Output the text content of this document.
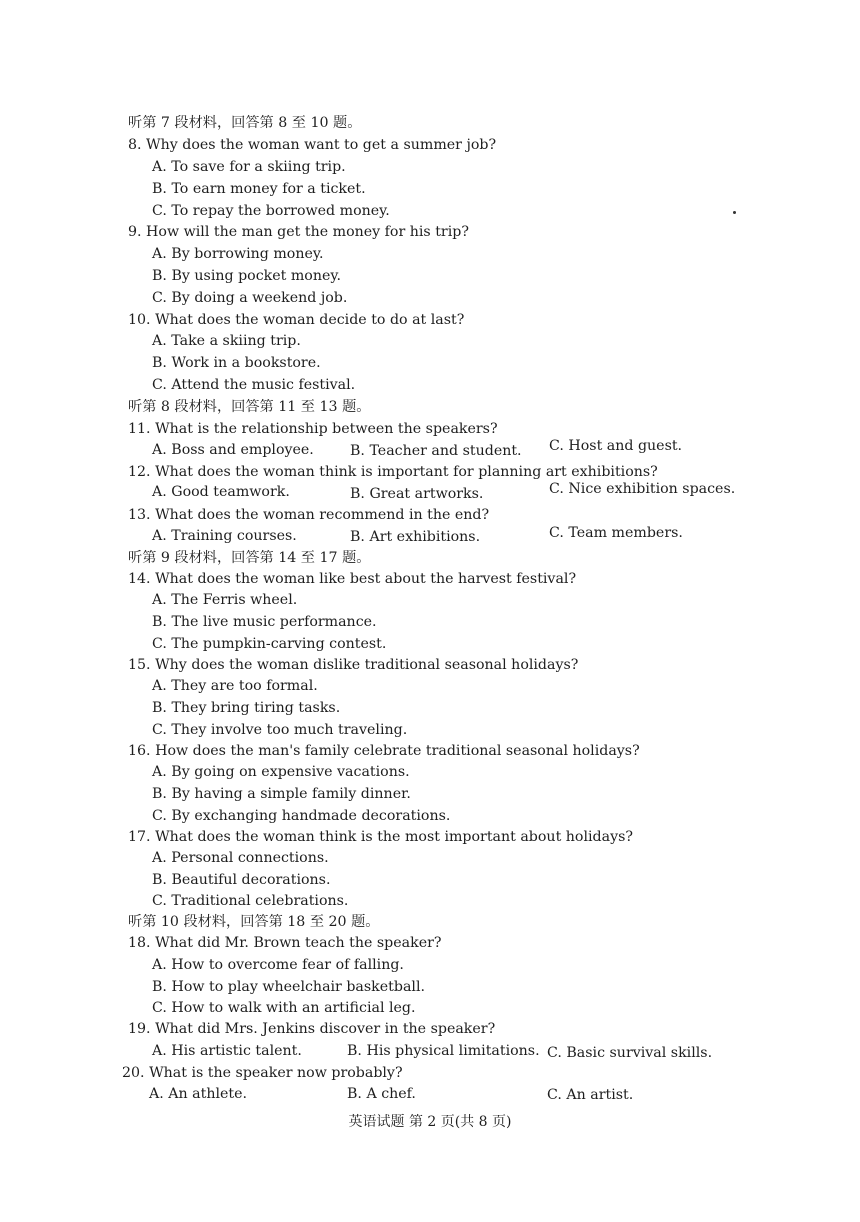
听第 7 段材料，回答第 8 至 10 题。
8. Why does the woman want to get a summer job?
A. To save for a skiing trip.
B. To earn money for a ticket.
C. To repay the borrowed money.
9. How will the man get the money for his trip?
A. By borrowing money.
B. By using pocket money.
C. By doing a weekend job.
10. What does the woman decide to do at last?
A. Take a skiing trip.
B. Work in a bookstore.
C. Attend the music festival.
听第 8 段材料，回答第 11 至 13 题。
11. What is the relationship between the speakers?
A. Boss and employee.	B. Teacher and student. C. Host and guest.
12. What does the woman think is important for planning art exhibitions?
A. Good teamwork.	B. Great artworks.	C. Nice exhibition spaces.
13. What does the woman recommend in the end?
A. Training courses.	B. Art exhibitions.	C. Team members.
听第 9 段材料，回答第 14 至 17 题。
14. What does the woman like best about the harvest festival?
A. The Ferris wheel.
B. The live music performance.
C. The pumpkin-carving contest.
15. Why does the woman dislike traditional seasonal holidays?
A. They are too formal.
B. They bring tiring tasks.
C. They involve too much traveling.
16. How does the man's family celebrate traditional seasonal holidays?
A. By going on expensive vacations.
B. By having a simple family dinner.
C. By exchanging handmade decorations.
17. What does the woman think is the most important about holidays?
A. Personal connections.
B. Beautiful decorations.
C. Traditional celebrations.
听第 10 段材料，回答第 18 至 20 题。
18. What did Mr. Brown teach the speaker?
A. How to overcome fear of falling.
B. How to play wheelchair basketball.
C. How to walk with an artificial leg.
19. What did Mrs. Jenkins discover in the speaker?
A. His artistic talent.	B. His physical limitations. C. Basic survival skills.
20. What is the speaker now probably?
A. An athlete.	B. A chef.	C. An artist.
英语试题 第 2 页(共 8 页)
